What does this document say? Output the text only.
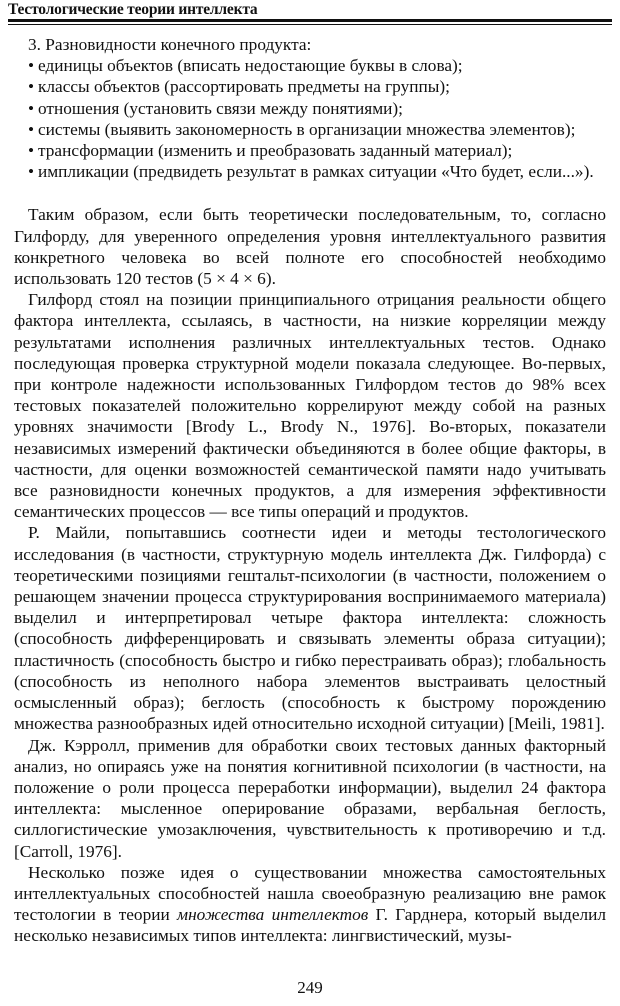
Тестологические теории интеллекта

3. Разновидности конечного продукта:

• единицы объектов (вписать недостающие буквы в слова);

• классы объектов (рассортировать предметы на группы);

• отношения (установить связи между понятиями);

• системы (выявить закономерность в организации множества элементов);

• трансформации (изменить и преобразовать заданный материал);

• импликации (предвидеть результат в рамках ситуации «Что будет, если...»).

Таким образом, если быть теоретически последовательным, то, согласно Гилфорду, для уверенного определения уровня интеллектуального развития конкретного человека во всей полноте его способностей необходимо использовать 120 тестов (5 × 4 × 6).

Гилфорд стоял на позиции принципиального отрицания реальности общего фактора интеллекта, ссылаясь, в частности, на низкие корреляции между результатами исполнения различных интеллектуальных тестов. Однако последующая проверка структурной модели показала следующее. Во-первых, при контроле надежности использованных Гилфордом тестов до 98% всех тестовых показателей положительно коррелируют между собой на разных уровнях значимости [Brody L., Brody N., 1976]. Во-вторых, показатели независимых измерений фактически объединяются в более общие факторы, в частности, для оценки возможностей семантической памяти надо учитывать все разновидности конечных продуктов, а для измерения эффективности семантических процессов — все типы операций и продуктов.

Р. Майли, попытавшись соотнести идеи и методы тестологического исследования (в частности, структурную модель интеллекта Дж. Гилфорда) с теоретическими позициями гештальт-психологии (в частности, положением о решающем значении процесса структурирования воспринимаемого материала) выделил и интерпретировал четыре фактора интеллекта: сложность (способность дифференцировать и связывать элементы образа ситуации); пластичность (способность быстро и гибко перестраивать образ); глобальность (способность из неполного набора элементов выстраивать целостный осмысленный образ); беглость (способность к быстрому порождению множества разнообразных идей относительно исходной ситуации) [Meili, 1981].

Дж. Кэрролл, применив для обработки своих тестовых данных факторный анализ, но опираясь уже на понятия когнитивной психологии (в частности, на положение о роли процесса переработки информации), выделил 24 фактора интеллекта: мысленное оперирование образами, вербальная беглость, силлогистические умозаключения, чувствительность к противоречию и т.д. [Carroll, 1976].

Несколько позже идея о существовании множества самостоятельных интеллектуальных способностей нашла своеобразную реализацию вне рамок тестологии в теории множества интеллектов Г. Гарднера, который выделил несколько независимых типов интеллекта: лингвистический, музы-

249
